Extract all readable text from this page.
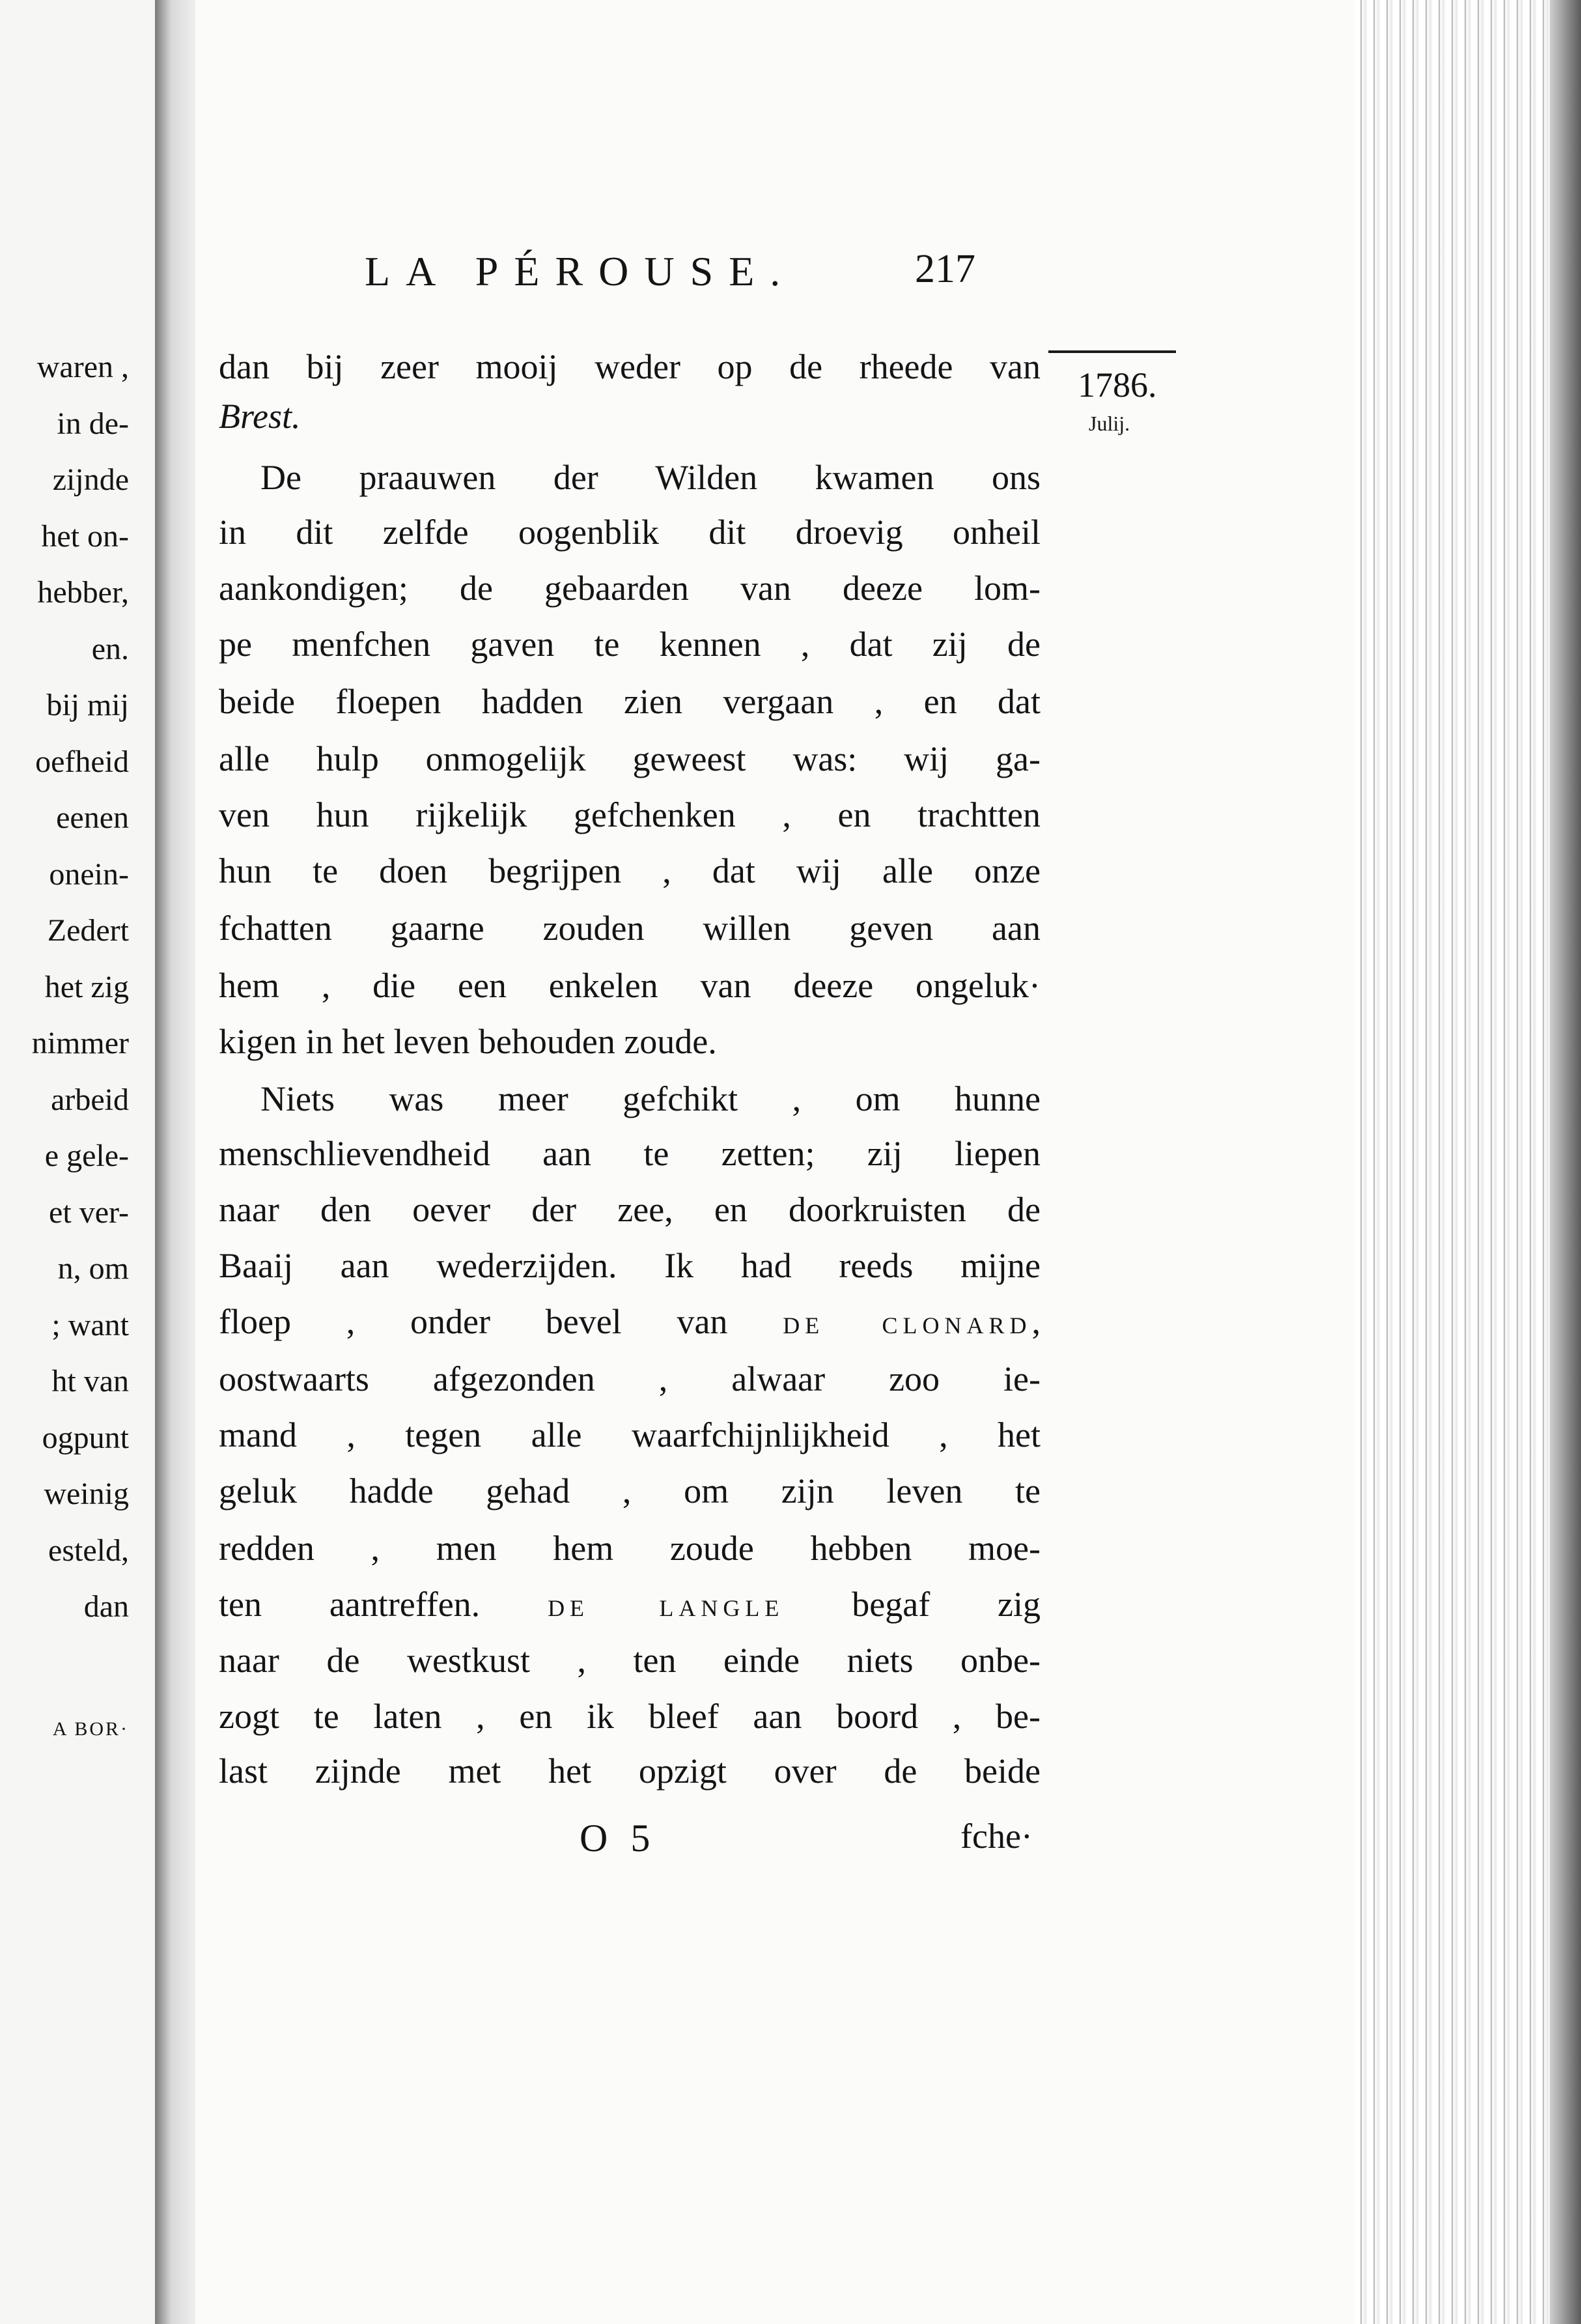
waren ,
in de-
zijnde
het on-
hebber,
en.
bij mij
oefheid
eenen
onein-
Zedert
het zig
nimmer
arbeid
e gele-
et ver-
n, om
; want
ht van
ogpunt
weinig
esteld,
dan
A BOR·
LA PÉROUSE.	217
1786.
Julij.
dan bij zeer mooij weder op de rheede van
Brest.
De praauwen der Wilden kwamen ons
in dit zelfde oogenblik dit droevig onheil
aankondigen; de gebaarden van deeze lom-
pe menfchen gaven te kennen , dat zij de
beide floepen hadden zien vergaan , en dat
alle hulp onmogelijk geweest was: wij ga-
ven hun rijkelijk gefchenken , en trachtten
hun te doen begrijpen , dat wij alle onze
fchatten gaarne zouden willen geven aan
hem , die een enkelen van deeze ongeluk·
kigen in het leven behouden zoude.
Niets was meer gefchikt , om hunne
menschlievendheid aan te zetten; zij liepen
naar den oever der zee, en doorkruisten de
Baaij aan wederzijden. Ik had reeds mijne
floep , onder bevel van DE CLONARD,
oostwaarts afgezonden , alwaar zoo ie-
mand , tegen alle waarfchijnlijkheid , het
geluk hadde gehad , om zijn leven te
redden , men hem zoude hebben moe-
ten aantreffen. DE LANGLE begaf zig
naar de westkust , ten einde niets onbe-
zogt te laten , en ik bleef aan boord , be-
last zijnde met het opzigt over de beide
O 5	fche·
